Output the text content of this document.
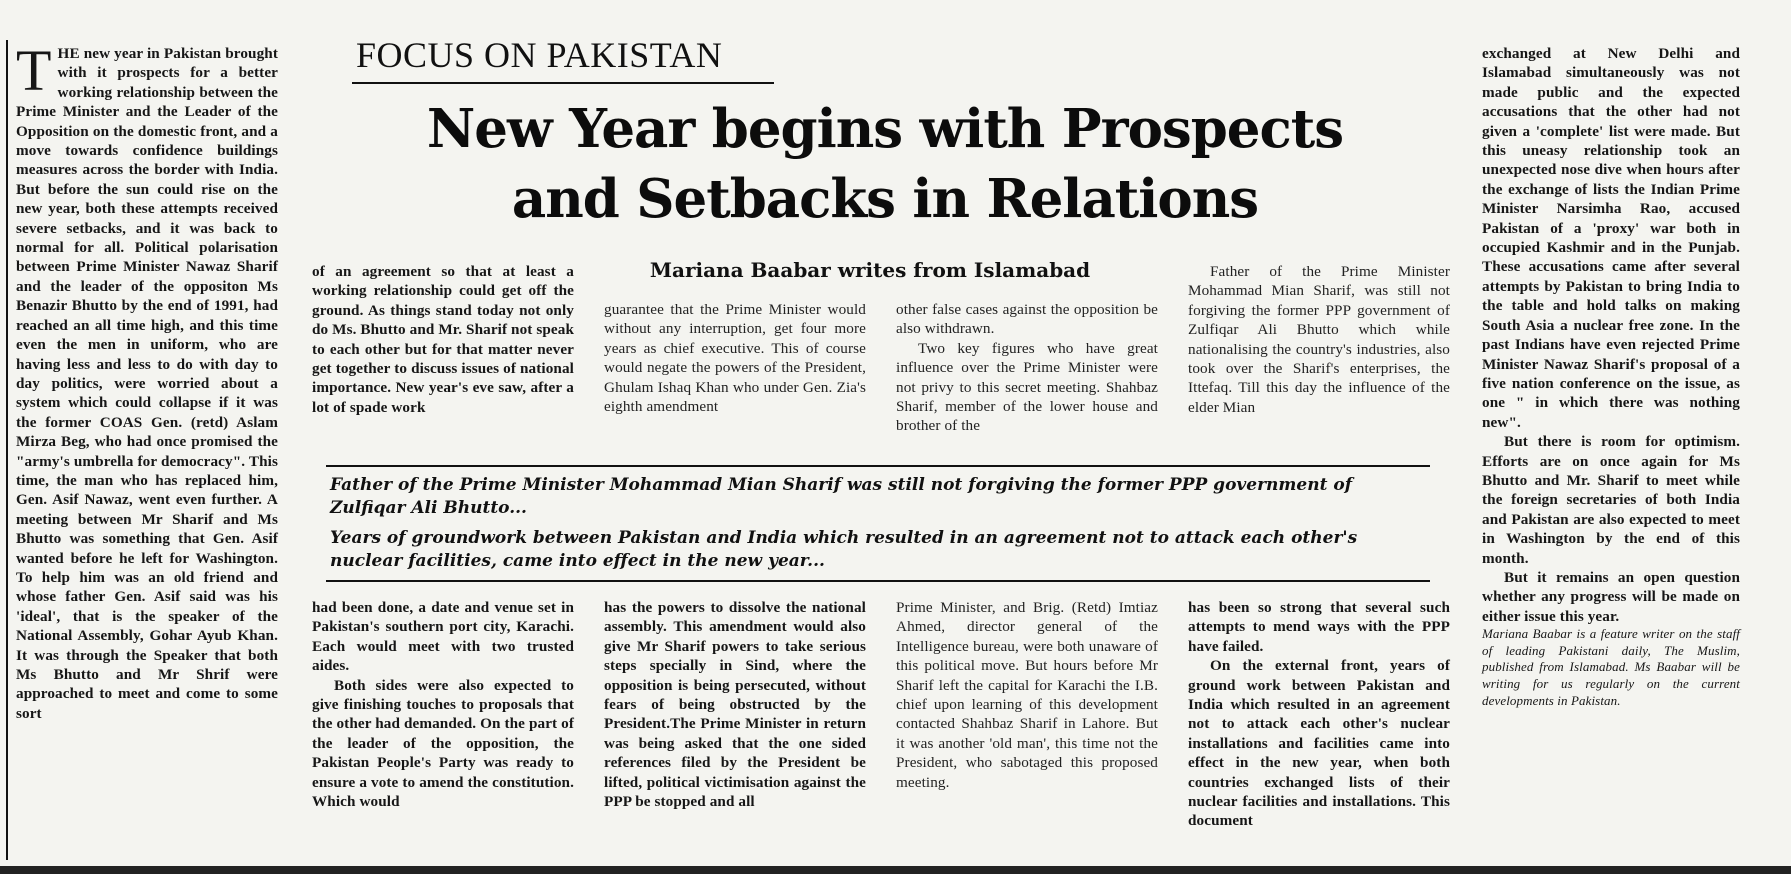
T HE new year in Pakistan brought with it prospects for a better working relationship between the Prime Minister and the Leader of the Opposition on the domestic front, and a move towards confidence buildings measures across the border with India. But before the sun could rise on the new year, both these attempts received severe setbacks, and it was back to normal for all. Political polarisation between Prime Minister Nawaz Sharif and the leader of the oppositon Ms Benazir Bhutto by the end of 1991, had reached an all time high, and this time even the men in uniform, who are having less and less to do with day to day politics, were worried about a system which could collapse if it was the former COAS Gen. (retd) Aslam Mirza Beg, who had once promised the "army's umbrella for democracy". This time, the man who has replaced him, Gen. Asif Nawaz, went even further. A meeting between Mr Sharif and Ms Bhutto was something that Gen. Asif wanted before he left for Washington. To help him was an old friend and whose father Gen. Asif said was his 'ideal', that is the speaker of the National Assembly, Gohar Ayub Khan. It was through the Speaker that both Ms Bhutto and Mr Shrif were approached to meet and come to some sort

FOCUS ON PAKISTAN
New Year begins with Prospects
and Setbacks in Relations
Mariana Baabar writes from Islamabad

of an agreement so that at least a working relationship could get off the ground. As things stand today not only do Ms. Bhutto and Mr. Sharif not speak to each other but for that matter never get together to discuss issues of national importance. New year's eve saw, after a lot of spade work

guarantee that the Prime Minister would without any interruption, get four more years as chief executive. This of course would negate the powers of the President, Ghulam Ishaq Khan who under Gen. Zia's eighth amendment

other false cases against the opposition be also withdrawn.

Two key figures who have great influence over the Prime Minister were not privy to this secret meeting. Shahbaz Sharif, member of the lower house and brother of the

Father of the Prime Minister Mohammad Mian Sharif, was still not forgiving the former PPP government of Zulfiqar Ali Bhutto which while nationalising the country's industries, also took over the Sharif's enterprises, the Ittefaq. Till this day the influence of the elder Mian

Father of the Prime Minister Mohammad Mian Sharif was still not forgiving the former PPP government of Zulfiqar Ali Bhutto...
Years of groundwork between Pakistan and India which resulted in an agreement not to attack each other's nuclear facilities, came into effect in the new year...

had been done, a date and venue set in Pakistan's southern port city, Karachi. Each would meet with two trusted aides.

Both sides were also expected to give finishing touches to proposals that the other had demanded. On the part of the leader of the opposition, the Pakistan People's Party was ready to ensure a vote to amend the constitution. Which would

has the powers to dissolve the national assembly. This amendment would also give Mr Sharif powers to take serious steps specially in Sind, where the opposition is being persecuted, without fears of being obstructed by the President.The Prime Minister in return was being asked that the one sided references filed by the President be lifted, political victimisation against the PPP be stopped and all

Prime Minister, and Brig. (Retd) Imtiaz Ahmed, director general of the Intelligence bureau, were both unaware of this political move. But hours before Mr Sharif left the capital for Karachi the I.B. chief upon learning of this development contacted Shahbaz Sharif in Lahore. But it was another 'old man', this time not the President, who sabotaged this proposed meeting.

has been so strong that several such attempts to mend ways with the PPP have failed.

On the external front, years of ground work between Pakistan and India which resulted in an agreement not to attack each other's nuclear installations and facilities came into effect in the new year, when both countries exchanged lists of their nuclear facilities and installations. This document

exchanged at New Delhi and Islamabad simultaneously was not made public and the expected accusations that the other had not given a 'complete' list were made. But this uneasy relationship took an unexpected nose dive when hours after the exchange of lists the Indian Prime Minister Narsimha Rao, accused Pakistan of a 'proxy' war both in occupied Kashmir and in the Punjab. These accusations came after several attempts by Pakistan to bring India to the table and hold talks on making South Asia a nuclear free zone. In the past Indians have even rejected Prime Minister Nawaz Sharif's proposal of a five nation conference on the issue, as one " in which there was nothing new".

But there is room for optimism. Efforts are on once again for Ms Bhutto and Mr. Sharif to meet while the foreign secretaries of both India and Pakistan are also expected to meet in Washington by the end of this month.

But it remains an open question whether any progress will be made on either issue this year.

Mariana Baabar is a feature writer on the staff of leading Pakistani daily, The Muslim, published from Islamabad. Ms Baabar will be writing for us regularly on the current developments in Pakistan.
